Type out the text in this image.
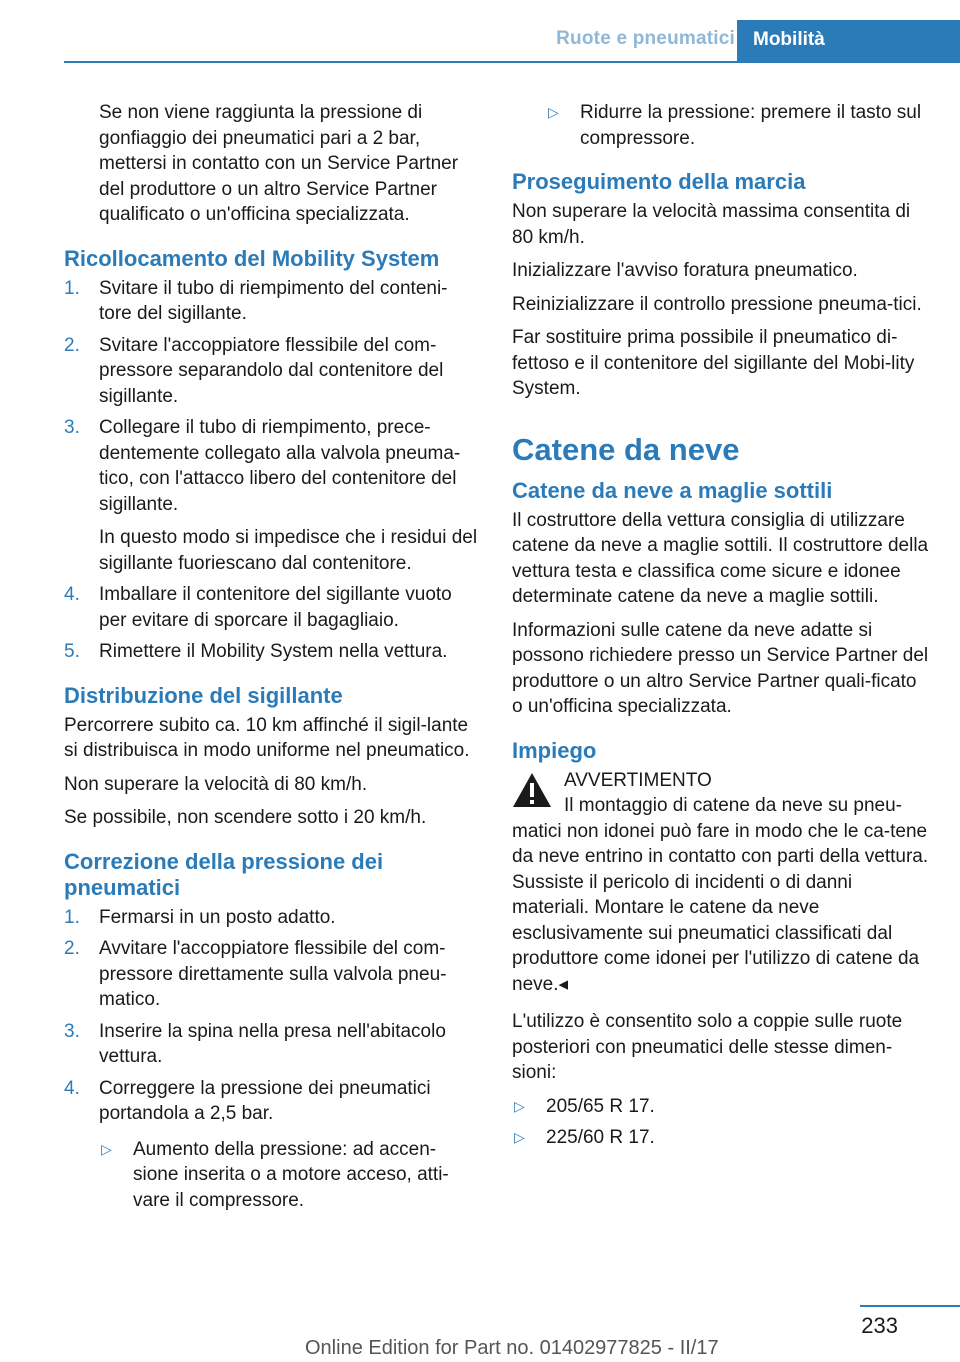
Ruote e pneumatici Mobilità

Se non viene raggiunta la pressione di gonfiaggio dei pneumatici pari a 2 bar, mettersi in contatto con un Service Partner del produttore o un altro Service Partner qualificato o un'officina specializzata.

Ricollocamento del Mobility System
1. Svitare il tubo di riempimento del conteni-tore del sigillante.
2. Svitare l'accoppiatore flessibile del com-pressore separandolo dal contenitore del sigillante.
3. Collegare il tubo di riempimento, prece-dentemente collegato alla valvola pneuma-tico, con l'attacco libero del contenitore del sigillante.

In questo modo si impedisce che i residui del sigillante fuoriescano dal contenitore.

4. Imballare il contenitore del sigillante vuoto per evitare di sporcare il bagagliaio.
5. Rimettere il Mobility System nella vettura.
Distribuzione del sigillante

Percorrere subito ca. 10 km affinché il sigil-lante si distribuisca in modo uniforme nel pneumatico.

Non superare la velocità di 80 km/h.

Se possibile, non scendere sotto i 20 km/h.

Correzione della pressione dei pneumatici
1. Fermarsi in un posto adatto.
2. Avvitare l'accoppiatore flessibile del com-pressore direttamente sulla valvola pneu-matico.
3. Inserire la spina nella presa nell'abitacolo vettura.
4. Correggere la pressione dei pneumatici portandola a 2,5 bar.
▷ Aumento della pressione: ad accen-sione inserita o a motore acceso, atti-vare il compressore.
▷ Ridurre la pressione: premere il tasto sul compressore.
Proseguimento della marcia

Non superare la velocità massima consentita di 80 km/h.

Inizializzare l'avviso foratura pneumatico.

Reinizializzare il controllo pressione pneuma-tici.

Far sostituire prima possibile il pneumatico di-fettoso e il contenitore del sigillante del Mobi-lity System.

Catene da neve
Catene da neve a maglie sottili

Il costruttore della vettura consiglia di utilizzare catene da neve a maglie sottili. Il costruttore della vettura testa e classifica come sicure e idonee determinate catene da neve a maglie sottili.

Informazioni sulle catene da neve adatte si possono richiedere presso un Service Partner del produttore o un altro Service Partner quali-ficato o un'officina specializzata.

Impiego
AVVERTIMENTO
Il montaggio di catene da neve su pneu-

matici non idonei può fare in modo che le ca-tene da neve entrino in contatto con parti della vettura. Sussiste il pericolo di incidenti o di danni materiali. Montare le catene da neve esclusivamente sui pneumatici classificati dal produttore come idonei per l'utilizzo di catene da neve.◂

L'utilizzo è consentito solo a coppie sulle ruote posteriori con pneumatici delle stesse dimen-sioni:

▷ 205/65 R 17.
▷ 225/60 R 17.
233
Online Edition for Part no. 01402977825 - II/17
